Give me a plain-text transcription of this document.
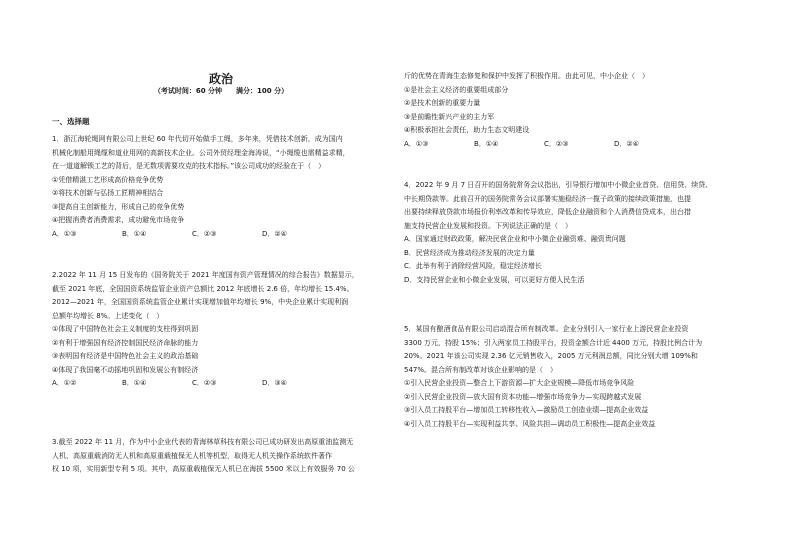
政治
（考试时间：60 分钟　　满分：100 分）
一、选择题

1．浙江海轮绳网有限公司上世纪 60 年代切开始做手工绳，多年来，凭借技术创新，成为国内

机械化制船用绳缆和道业用网的高新技术企业。公司外贸经理金海涛说，“小绳缆也需精益求精，

在一道道解锁工艺的背后，是无数项需要攻克的技术指标。”该公司成功的经验在于（　）

①凭借精湛工艺形成高价格竞争优势

②将技术创新与弘扬工匠精神相结合

③提高自主创新能力，形成自己的竞争优势

④把握消费者消费需求，成功避免市场竞争

A．①③	B．①④	C．②③	D．②④

2.2022 年 11 月 15 日发布的《国务院关于 2021 年度国有资产管理情况的综合报告》数据显示，

截至 2021 年底，全国国资系统监管企业资产总额比 2012 年底增长 2.6 倍，年均增长 15.4%。

2012—2021 年，全国国资系统监管企业累计实现增加值年均增长 9%，中央企业累计实现利润

总额年均增长 8%。上述变化（　）

①体现了中国特色社会主义制度的支柱得到巩固

②有利于增强国有经济控制国民经济命脉的能力

③表明国有经济是中国特色社会主义的政治基础

④体现了我国毫不动摇地巩固和发展公有制经济

A．①②	B．①④	C．②③	D．③④

3.截至 2022 年 11 月，作为中小企业代表的青海林草科技有限公司已成功研发出高原重油监测无

人机、高原重载消防无人机和高原重载植保无人机等机型，取得无人机关操作系统软件著作

权 10 项，实用新型专利 5 项。其中，高原重载植保无人机已在海拔 5500 米以上有效服务 70 公

斤的优势在青海生态修复和保护中发挥了积极作用。由此可见，中小企业（　）

①是社会主义经济的重要组成部分

②是技术创新的重要力量

③是前瞻性新兴产业的主力军

④积极承担社会责任，助力生态文明建设

A．①③	B．①④	C．②③	D．②④

4．2022 年 9 月 7 日召开的国务院常务会议指出，引导银行增加中小微企业首贷、信用贷、续贷、

中长期贷款等。此前召开的国务院常务会议部署实施稳经济一揽子政策的接续政策措施，也提

出要持续释放贷款市场报价利率改革和传导效应，降低企业融资和个人消费信贷成本，出台措

施支持民营企业发展和投资。下列说法正确的是（　）

A．国家通过财政政策，解决民营企业和中小微企业融资难、融资贵问题

B．民营经济成为推动经济发展的决定力量

C．此举有利于消除经营风险，稳定经济增长

D．支持民营企业和小微企业发展，可以更好方便人民生活

5．某国有酿酒食品有限公司启动混合所有制改革。企业分别引入一家行业上游民营企业投资

3300 万元，持股 15%；引入两家员工持股平台，投资金额合计近 4400 万元，持股比例合计为

20%。2021 年该公司实现 2.36 亿元销售收入，2005 万元利润总额，同比分别大增 109%和

547%。混合所有制改革对该企业影响的是（　）

①引入民营企业投资—整合上下游资源—扩大企业规模—降低市场竞争风险

②引入民营企业投资—放大国有资本功能—增强市场竞争力—实现跨越式发展

③引入员工持股平台—增加员工转移性收入—激励员工创造业绩—提高企业效益

④引入员工持股平台—实现利益共享、风险共担—调动员工积极性—提高企业效益
